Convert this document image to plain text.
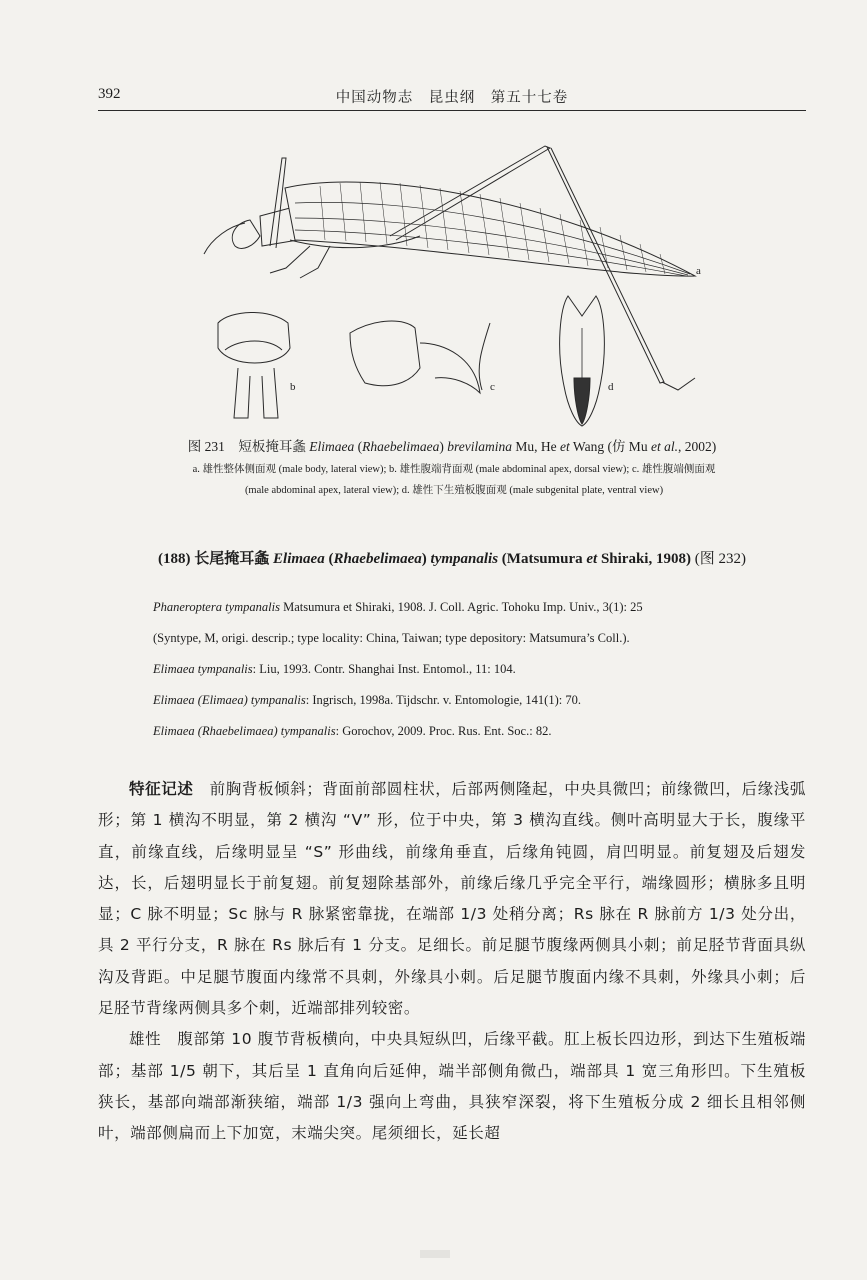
392	中国动物志　昆虫纲　第五十七卷
a
b	c	d
图 231　短板掩耳螽 Elimaea (Rhaebelimaea) brevilamina Mu, He et Wang (仿 Mu et al., 2002)
a. 雄性整体侧面观 (male body, lateral view); b. 雄性腹端背面观 (male abdominal apex, dorsal view); c. 雄性腹端侧面观
(male abdominal apex, lateral view); d. 雄性下生殖板腹面观 (male subgenital plate, ventral view)
(188) 长尾掩耳螽 Elimaea (Rhaebelimaea) tympanalis (Matsumura et Shiraki, 1908) (图 232)
Phaneroptera tympanalis Matsumura et Shiraki, 1908. J. Coll. Agric. Tohoku Imp. Univ., 3(1): 25
(Syntype, M, origi. descrip.; type locality: China, Taiwan; type depository: Matsumura’s Coll.).
Elimaea tympanalis: Liu, 1993. Contr. Shanghai Inst. Entomol., 11: 104.
Elimaea (Elimaea) tympanalis: Ingrisch, 1998a. Tijdschr. v. Entomologie, 141(1): 70.
Elimaea (Rhaebelimaea) tympanalis: Gorochov, 2009. Proc. Rus. Ent. Soc.: 82.

特征记述　前胸背板倾斜；背面前部圆柱状，后部两侧隆起，中央具微凹；前缘微凹，后缘浅弧形；第 1 横沟不明显，第 2 横沟 “V” 形，位于中央，第 3 横沟直线。侧叶高明显大于长，腹缘平直，前缘直线，后缘明显呈 “S” 形曲线，前缘角垂直，后缘角钝圆，肩凹明显。前复翅及后翅发达，长，后翅明显长于前复翅。前复翅除基部外，前缘后缘几乎完全平行，端缘圆形；横脉多且明显；C 脉不明显；Sc 脉与 R 脉紧密靠拢，在端部 1/3 处稍分离；Rs 脉在 R 脉前方 1/3 处分出，具 2 平行分支，R 脉在 Rs 脉后有 1 分支。足细长。前足腿节腹缘两侧具小刺；前足胫节背面具纵沟及背距。中足腿节腹面内缘常不具刺，外缘具小刺。后足腿节腹面内缘不具刺，外缘具小刺；后足胫节背缘两侧具多个刺，近端部排列较密。

雄性　腹部第 10 腹节背板横向，中央具短纵凹，后缘平截。肛上板长四边形，到达下生殖板端部；基部 1/5 朝下，其后呈 1 直角向后延伸，端半部侧角微凸，端部具 1 宽三角形凹。下生殖板狭长，基部向端部渐狭缩，端部 1/3 强向上弯曲，具狭窄深裂，将下生殖板分成 2 细长且相邻侧叶，端部侧扁而上下加宽，末端尖突。尾须细长，延长超
